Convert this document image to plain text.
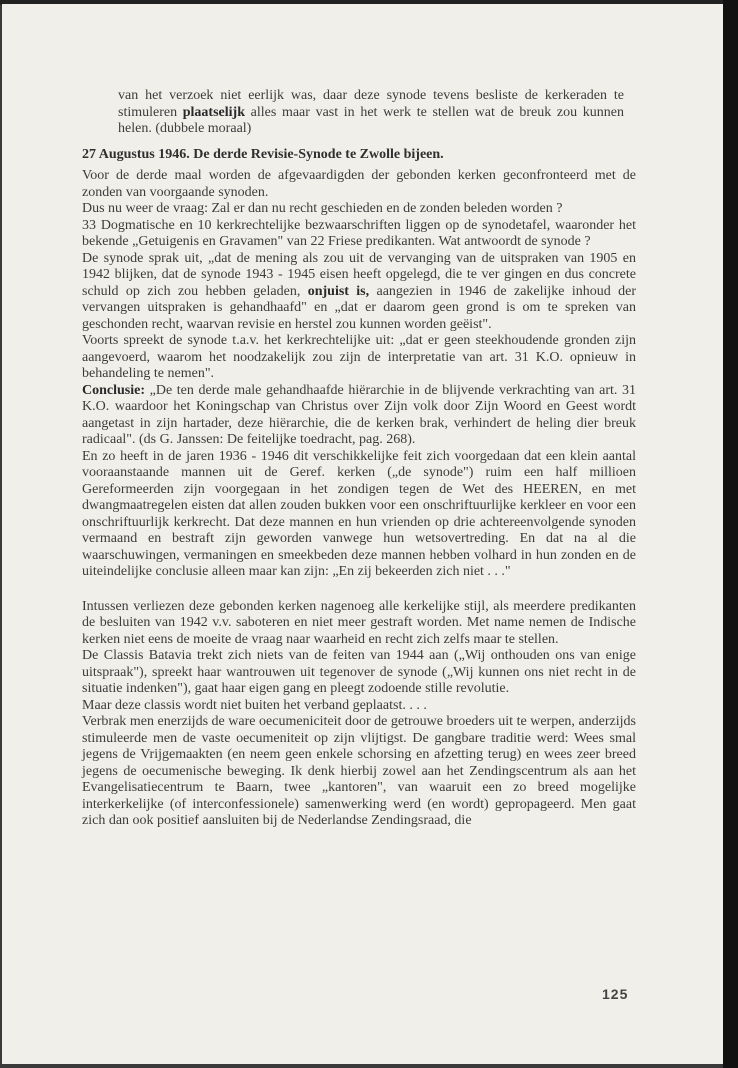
van het verzoek niet eerlijk was, daar deze synode tevens besliste de kerkeraden te stimuleren plaatselijk alles maar vast in het werk te stellen wat de breuk zou kunnen helen. (dubbele moraal)

27 Augustus 1946. De derde Revisie-Synode te Zwolle bijeen.

Voor de derde maal worden de afgevaardigden der gebonden kerken geconfronteerd met de zonden van voorgaande synoden.

Dus nu weer de vraag: Zal er dan nu recht geschieden en de zonden beleden worden ?

33 Dogmatische en 10 kerkrechtelijke bezwaarschriften liggen op de synodetafel, waaronder het bekende „Getuigenis en Gravamen" van 22 Friese predikanten. Wat antwoordt de synode ?

De synode sprak uit, „dat de mening als zou uit de vervanging van de uitspraken van 1905 en 1942 blijken, dat de synode 1943 - 1945 eisen heeft opgelegd, die te ver gingen en dus concrete schuld op zich zou hebben geladen, onjuist is, aangezien in 1946 de zakelijke inhoud der vervangen uitspraken is gehandhaafd" en „dat er daarom geen grond is om te spreken van geschonden recht, waarvan revisie en herstel zou kunnen worden geëist".

Voorts spreekt de synode t.a.v. het kerkrechtelijke uit: „dat er geen steekhoudende gronden zijn aangevoerd, waarom het noodzakelijk zou zijn de interpretatie van art. 31 K.O. opnieuw in behandeling te nemen".

Conclusie: „De ten derde male gehandhaafde hiërarchie in de blijvende verkrachting van art. 31 K.O. waardoor het Koningschap van Christus over Zijn volk door Zijn Woord en Geest wordt aangetast in zijn hartader, deze hiërarchie, die de kerken brak, verhindert de heling dier breuk radicaal". (ds G. Janssen: De feitelijke toedracht, pag. 268).

En zo heeft in de jaren 1936 - 1946 dit verschikkelijke feit zich voorgedaan dat een klein aantal vooraanstaande mannen uit de Geref. kerken („de synode") ruim een half millioen Gereformeerden zijn voorgegaan in het zondigen tegen de Wet des HEEREN, en met dwangmaatregelen eisten dat allen zouden bukken voor een onschriftuurlijke kerkleer en voor een onschriftuurlijk kerkrecht. Dat deze mannen en hun vrienden op drie achtereenvolgende synoden vermaand en bestraft zijn geworden vanwege hun wetsovertreding. En dat na al die waarschuwingen, vermaningen en smeekbeden deze mannen hebben volhard in hun zonden en de uiteindelijke conclusie alleen maar kan zijn: „En zij bekeerden zich niet . . ."

Intussen verliezen deze gebonden kerken nagenoeg alle kerkelijke stijl, als meerdere predikanten de besluiten van 1942 v.v. saboteren en niet meer gestraft worden. Met name nemen de Indische kerken niet eens de moeite de vraag naar waarheid en recht zich zelfs maar te stellen.

De Classis Batavia trekt zich niets van de feiten van 1944 aan („Wij onthouden ons van enige uitspraak"), spreekt haar wantrouwen uit tegenover de synode („Wij kunnen ons niet recht in de situatie indenken"), gaat haar eigen gang en pleegt zodoende stille revolutie.

Maar deze classis wordt niet buiten het verband geplaatst. . . .

Verbrak men enerzijds de ware oecumeniciteit door de getrouwe broeders uit te werpen, anderzijds stimuleerde men de vaste oecumeniteit op zijn vlijtigst. De gangbare traditie werd: Wees smal jegens de Vrijgemaakten (en neem geen enkele schorsing en afzetting terug) en wees zeer breed jegens de oecumenische beweging. Ik denk hierbij zowel aan het Zendingscentrum als aan het Evangelisatiecentrum te Baarn, twee „kantoren", van waaruit een zo breed mogelijke interkerkelijke (of interconfessionele) samenwerking werd (en wordt) gepropageerd. Men gaat zich dan ook positief aansluiten bij de Nederlandse Zendingsraad, die

125
